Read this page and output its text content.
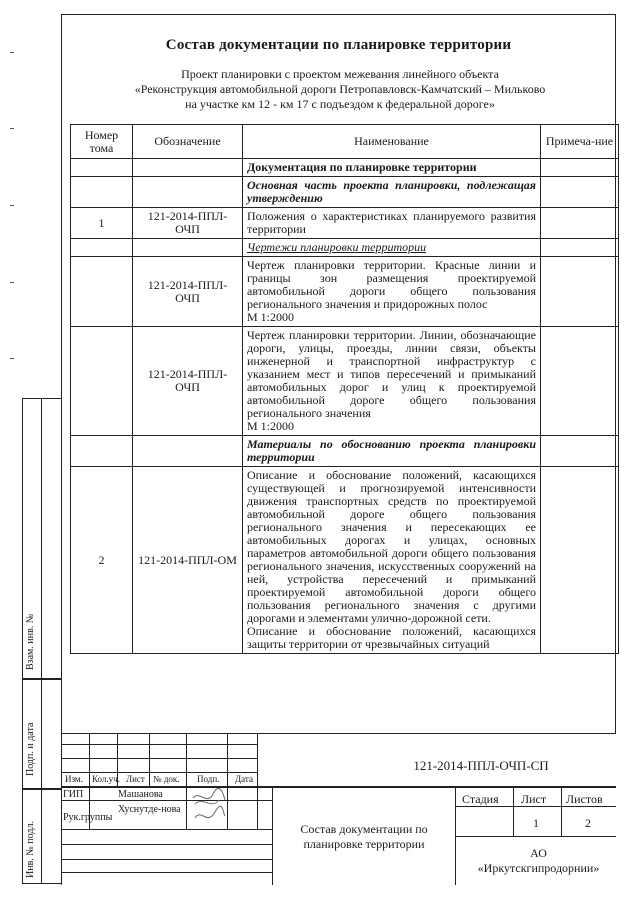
Состав документации по планировке территории
Проект планировки с проектом межевания линейного объекта
«Реконструкция автомобильной дороги Петропавловск-Камчатский – Мильково
на участке км 12 - км 17 с подъездом к федеральной дороге»
Взам. инв. №
Подп. и дата
Инв. № подл.
Номер тома	Обозначение	Наименование	Примеча-ние
		Документация по планировке территории	
		Основная часть проекта планировки, подлежащая утверждению	
1	121-2014-ППЛ-ОЧП	Положения о характеристиках планируемого развития территории	
		Чертежи планировки территории	
	121-2014-ППЛ-ОЧП	Чертеж планировки территории. Красные линии и границы зон размещения проектируемой автомобильной дороги общего пользования регионального значения и придорожных полос
М 1:2000	

	121-2014-ППЛ-ОЧП	Чертеж планировки территории. Линии, обозначающие дороги, улицы, проезды, линии связи, объекты инженерной и транспортной инфраструктур с указанием мест и типов пересечений и примыканий автомобильных дорог и улиц к проектируемой автомобильной дороге общего пользования регионального значения
М 1:2000	

		Материалы по обоснованию проекта планировки территории	
2	121-2014-ППЛ-ОМ	Описание и обоснование положений, касающихся существующей и прогнозируемой интенсивности движения транспортных средств по проектируемой автомобильной дороге общего пользования регионального значения и пересекающих ее автомобильных дорогах и улицах, основных параметров автомобильной дороги общего пользования регионального значения, искусственных сооружений на ней, устройства пересечений и примыканий проектируемой автомобильной дороги общего пользования регионального значения с другими дорогами и элементами улично-дорожной сети.
Описание и обоснование положений, касающихся защиты территории от чрезвычайных ситуаций	

121-2014-ППЛ-ОЧП-СП
Изм. Кол.уч. Лист № док. Подп. Дата
ГИП	Машанова
Рук.группы
Хуснутде-нова
Состав документации по планировке территории
Стадия Лист Листов
1	2
АО
«Иркутскгипродорнии»
